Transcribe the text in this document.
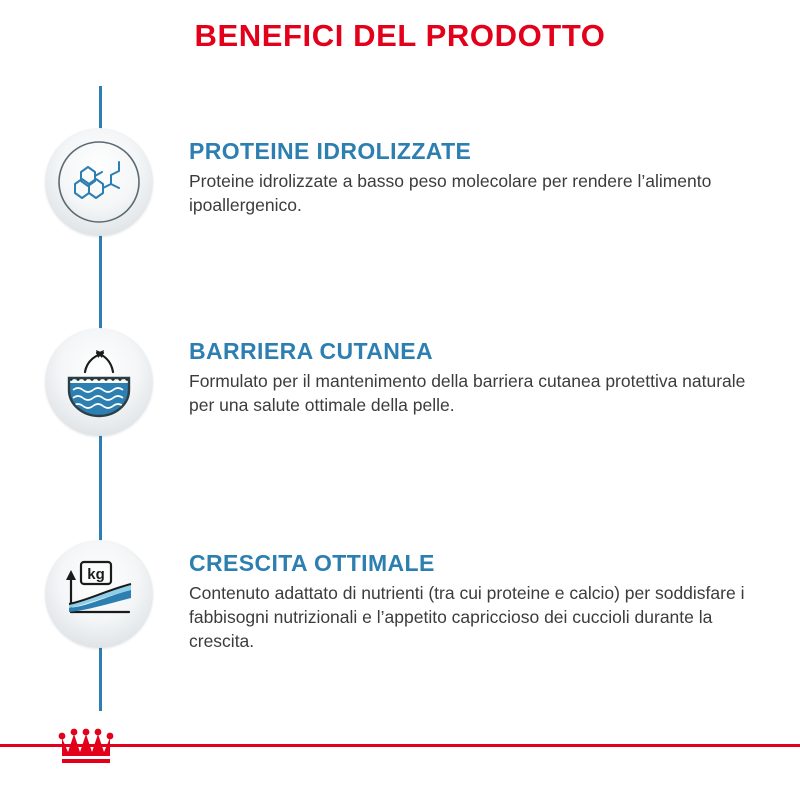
BENEFICI DEL PRODOTTO

PROTEINE IDROLIZZATE

Proteine idrolizzate a basso peso molecolare per rendere l’alimento ipoallergenico.

BARRIERA CUTANEA

Formulato per il mantenimento della barriera cutanea protettiva naturale per una salute ottimale della pelle.

kg	CRESCITA OTTIMALE

Contenuto adattato di nutrienti (tra cui proteine e calcio) per soddisfare i fabbisogni nutrizionali e l’appetito capriccioso dei cuccioli durante la crescita.
